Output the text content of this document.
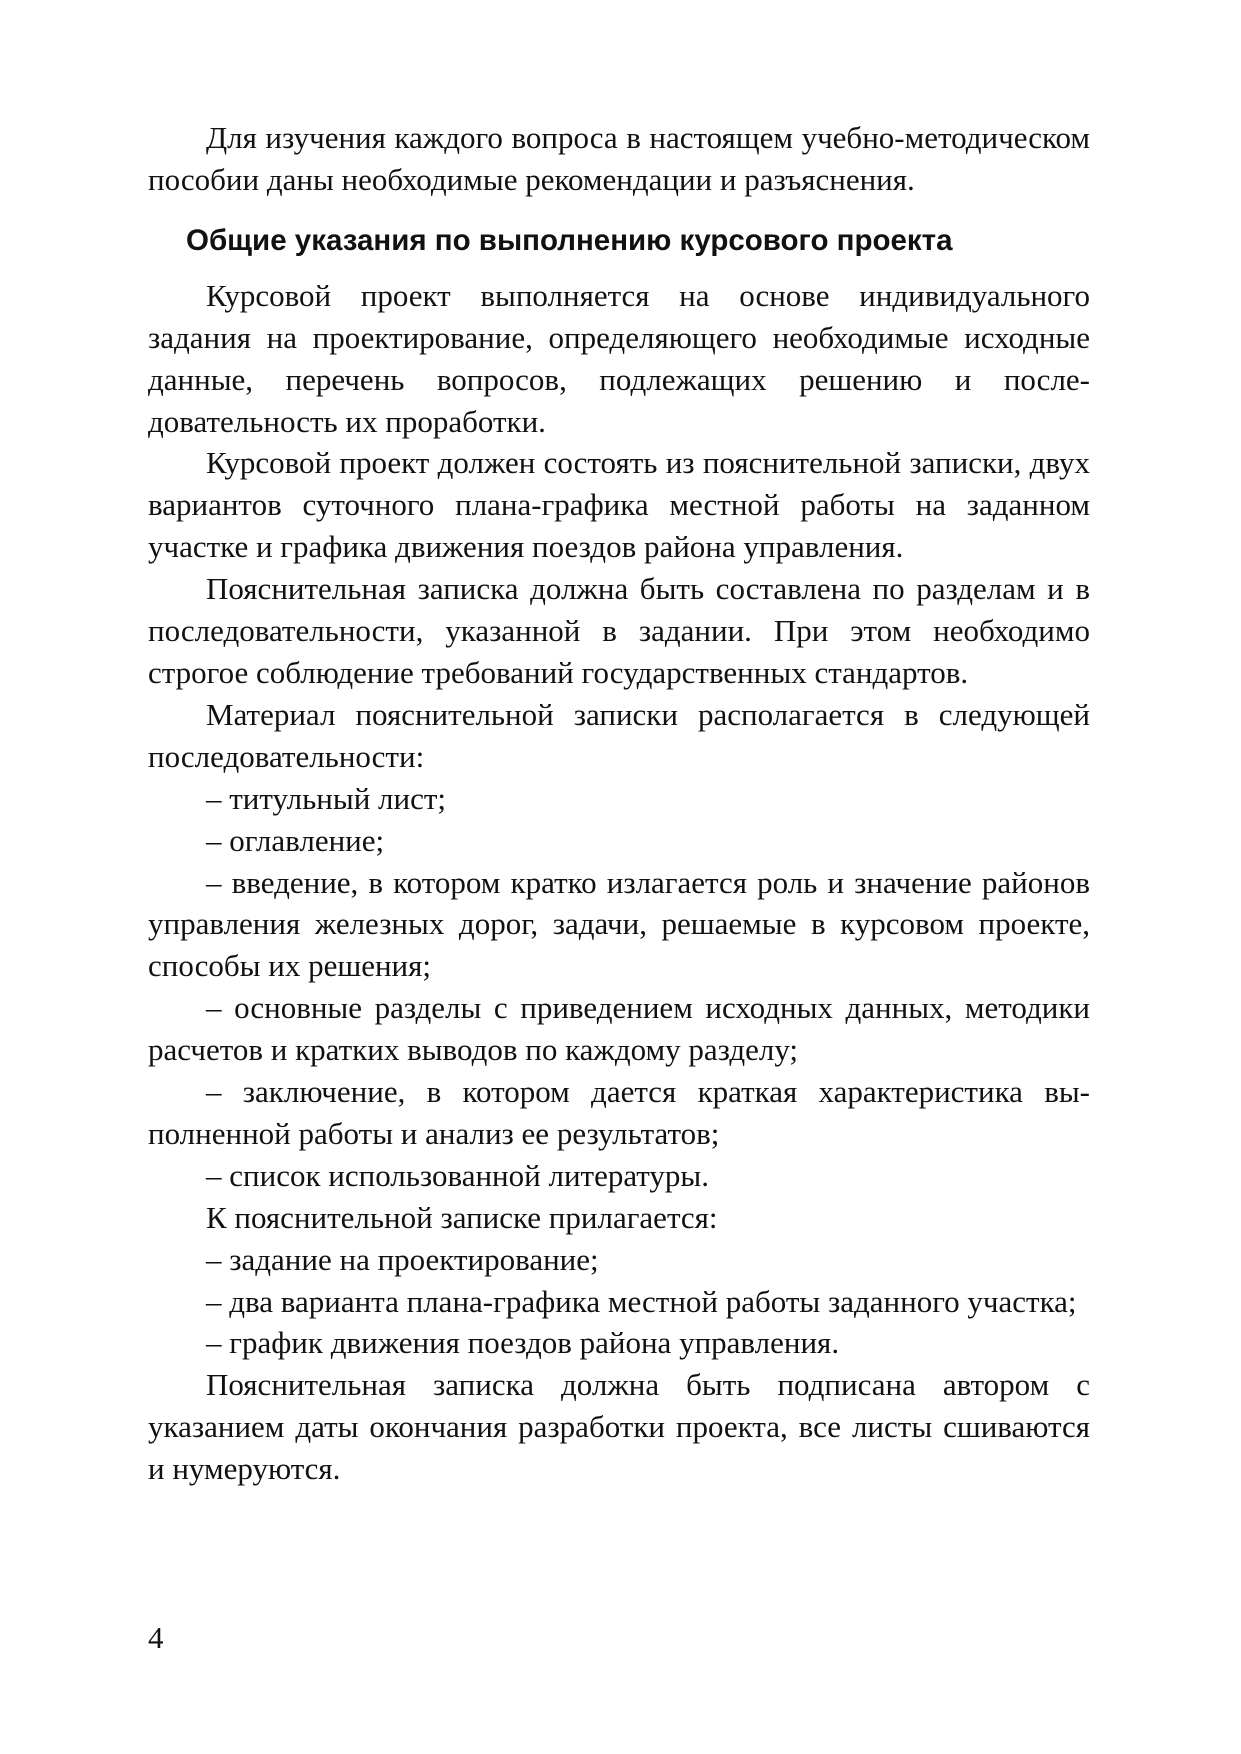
Для изучения каждого вопроса в настоящем учебно-методическом пособии даны необходимые рекомендации и разъяснения.

Общие указания по выполнению курсового проекта

Курсовой проект выполняется на основе индивидуального задания на проектирование, определяющего необходимые исходные данные, перечень вопросов, подлежащих решению и последовательность их проработки.

Курсовой проект должен состоять из пояснительной записки, двух вариантов суточного плана-графика местной работы на заданном участке и графика движения поездов района управления.

Пояснительная записка должна быть составлена по разделам и в последовательности, указанной в задании. При этом необходимо строгое соблюдение требований государственных стандартов.

Материал пояснительной записки располагается в следующей последовательности:

– титульный лист;

– оглавление;

– введение, в котором кратко излагается роль и значение районов управления железных дорог, задачи, решаемые в курсовом проекте, способы их решения;

– основные разделы с приведением исходных данных, методики расчетов и кратких выводов по каждому разделу;

– заключение, в котором дается краткая характеристика выполненной работы и анализ ее результатов;

– список использованной литературы.

К пояснительной записке прилагается:

– задание на проектирование;

– два варианта плана-графика местной работы заданного участка;

– график движения поездов района управления.

Пояснительная записка должна быть подписана автором с указанием даты окончания разработки проекта, все листы сшиваются и нумеруются.

4
